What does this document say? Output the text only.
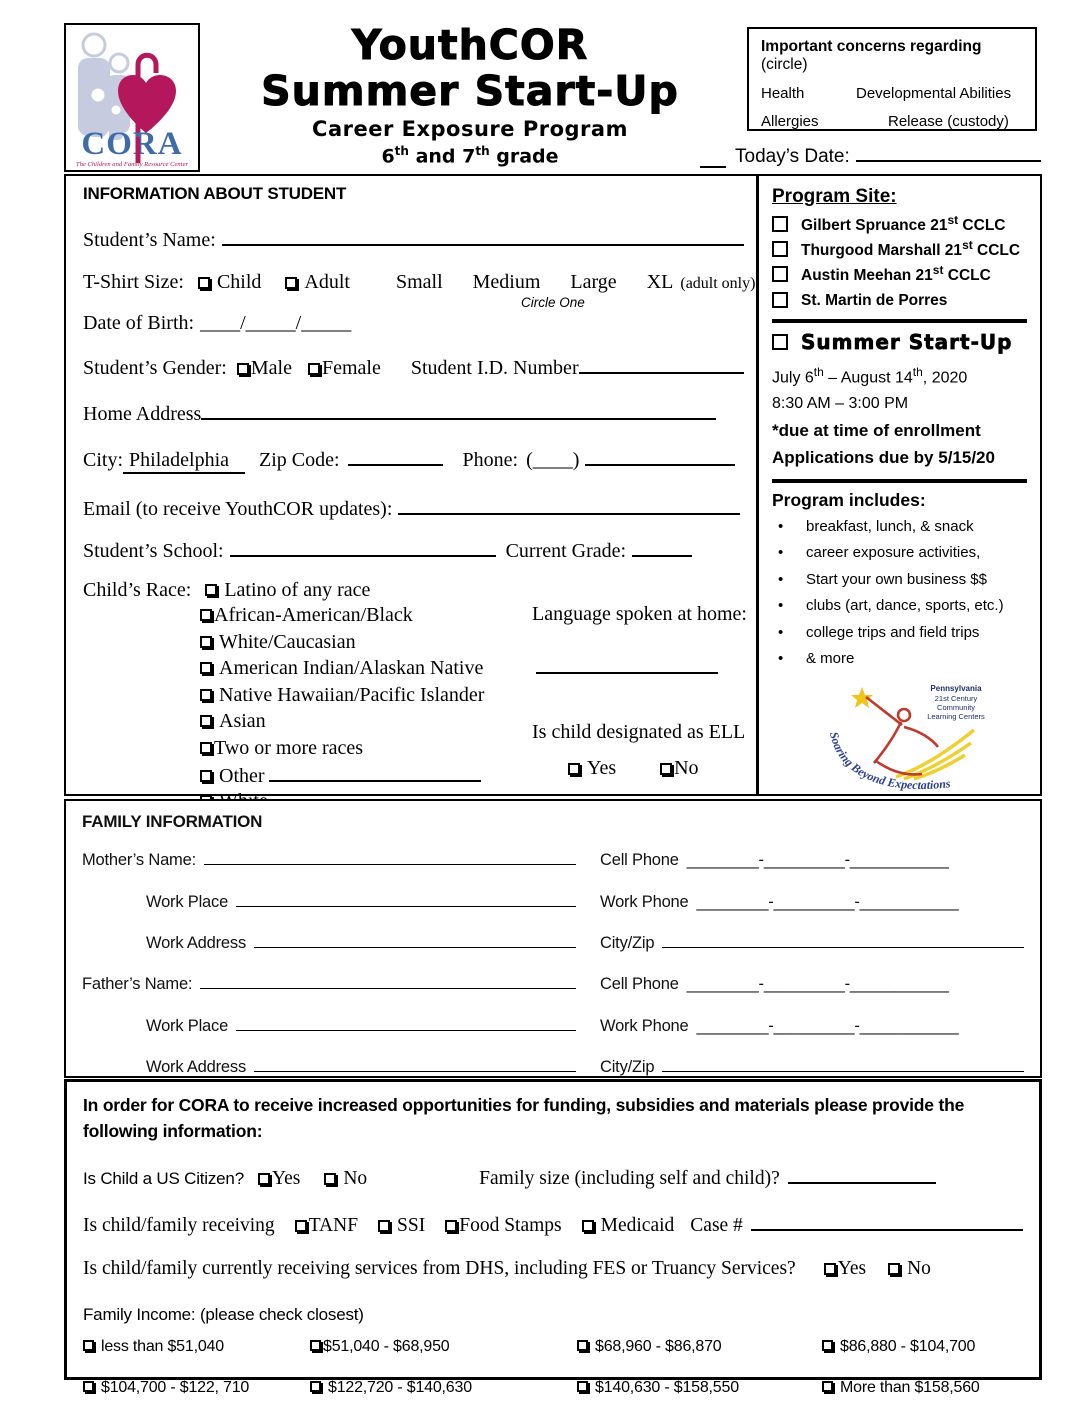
CORA
The Children and Family Resource Center
YouthCOR
Summer Start-Up
Career Exposure Program
6th and 7th grade
Important concerns regarding (circle)
Health	Developmental Abilities
Allergies	Release (custody)
Today’s Date:
INFORMATION ABOUT STUDENT
Student’s Name:
T-Shirt Size:	Child	Adult Small Medium Large XL (adult only)
Circle One
Date of Birth: ____/_____/_____
Student’s Gender:	Male	Female Student I.D. Number
Home Address
City: Philadelphia	Zip Code:	Phone: (____)
Email (to receive YouthCOR updates):
Student’s School:	Current Grade:
Child’s Race: Latino of any race
African-American/Black
White/Caucasian
American Indian/Alaskan Native
Native Hawaiian/Pacific Islander
Asian
Two or more races
Other
Language spoken at home:
Is child designated as ELL
Yes	No
Program Site:
Gilbert Spruance 21st CCLC
Thurgood Marshall 21st CCLC
Austin Meehan 21st CCLC
St. Martin de Porres
Summer Start-Up
July 6th – August 14th, 2020
8:30 AM – 3:00 PM
*due at time of enrollment
Applications due by 5/15/20
Program includes:
•	breakfast, lunch, & snack
•	career exposure activities,
•	Start your own business $$
•	clubs (art, dance, sports, etc.)
•	college trips and field trips
•	& more
Pennsylvania
21st Century
Community
Learning Centers
Soaring Beyond Expectations
FAMILY INFORMATION
Mother’s Name:	Cell Phone ________-_________-___________
Work Place	Work Phone ________-_________-___________
Work Address	City/Zip
Father’s Name:	Cell Phone ________-_________-___________
Work Place	Work Phone ________-_________-___________
Work Address	City/Zip
In order for CORA to receive increased opportunities for funding, subsidies and materials please provide the following information:
Is Child a US Citizen?	Yes	No	Family size (including self and child)?
Is child/family receiving	TANF	SSI	Food Stamps	Medicaid Case #
Is child/family currently receiving services from DHS, including FES or Truancy Services?	Yes	No
Family Income: (please check closest)
less than $51,040	$51,040 - $68,950	$68,960 - $86,870	$86,880 - $104,700
$104,700 - $122, 710	$122,720 - $140,630	$140,630 - $158,550	More than $158,560
